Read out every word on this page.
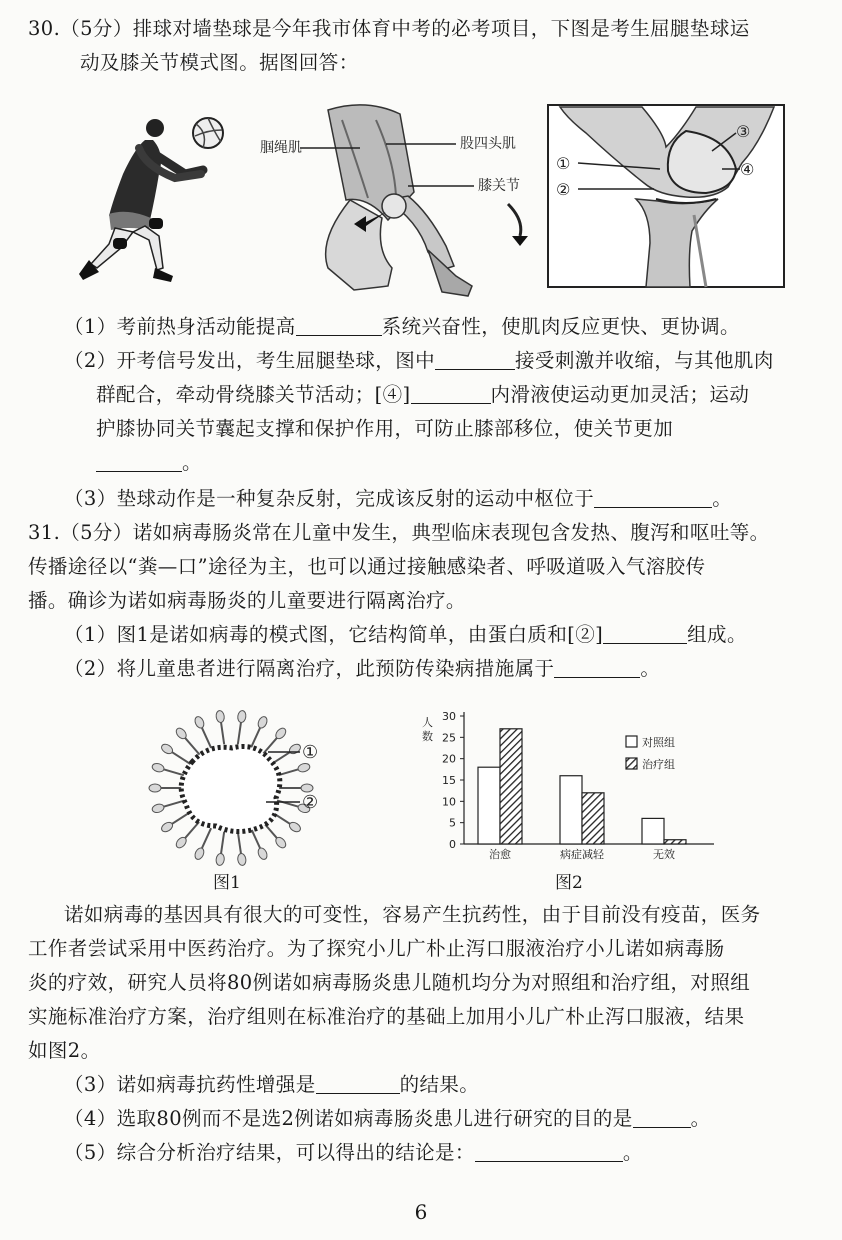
30.（5分）排球对墙垫球是今年我市体育中考的必考项目，下图是考生屈腿垫球运
动及膝关节模式图。据图回答：
腘绳肌	股四头肌
膝关节
①
②
③
④
（1）考前热身活动能提高	系统兴奋性，使肌肉反应更快、更协调。
（2）开考信号发出，考生屈腿垫球，图中	接受刺激并收缩，与其他肌肉
群配合，牵动骨绕膝关节活动；[④]	内滑液使运动更加灵活；运动
护膝协同关节囊起支撑和保护作用，可防止膝部移位，使关节更加
。
（3）垫球动作是一种复杂反射，完成该反射的运动中枢位于	。
31.（5分）诺如病毒肠炎常在儿童中发生，典型临床表现包含发热、腹泻和呕吐等。
传播途径以“粪—口”途径为主，也可以通过接触感染者、呼吸道吸入气溶胶传
播。确诊为诺如病毒肠炎的儿童要进行隔离治疗。
（1）图1是诺如病毒的模式图，它结构简单，由蛋白质和[②]	组成。
（2）将儿童患者进行隔离治疗，此预防传染病措施属于	。
①
②
图1
人
数
0
5
10
15
20
25
30
治愈	病症减轻	无效
对照组
治疗组
图2
诺如病毒的基因具有很大的可变性，容易产生抗药性，由于目前没有疫苗，医务
工作者尝试采用中医药治疗。为了探究小儿广朴止泻口服液治疗小儿诺如病毒肠
炎的疗效，研究人员将80例诺如病毒肠炎患儿随机均分为对照组和治疗组，对照组
实施标准治疗方案，治疗组则在标准治疗的基础上加用小儿广朴止泻口服液，结果
如图2。
（3）诺如病毒抗药性增强是	的结果。
（4）选取80例而不是选2例诺如病毒肠炎患儿进行研究的目的是	。
（5）综合分析治疗结果，可以得出的结论是：	。
6
